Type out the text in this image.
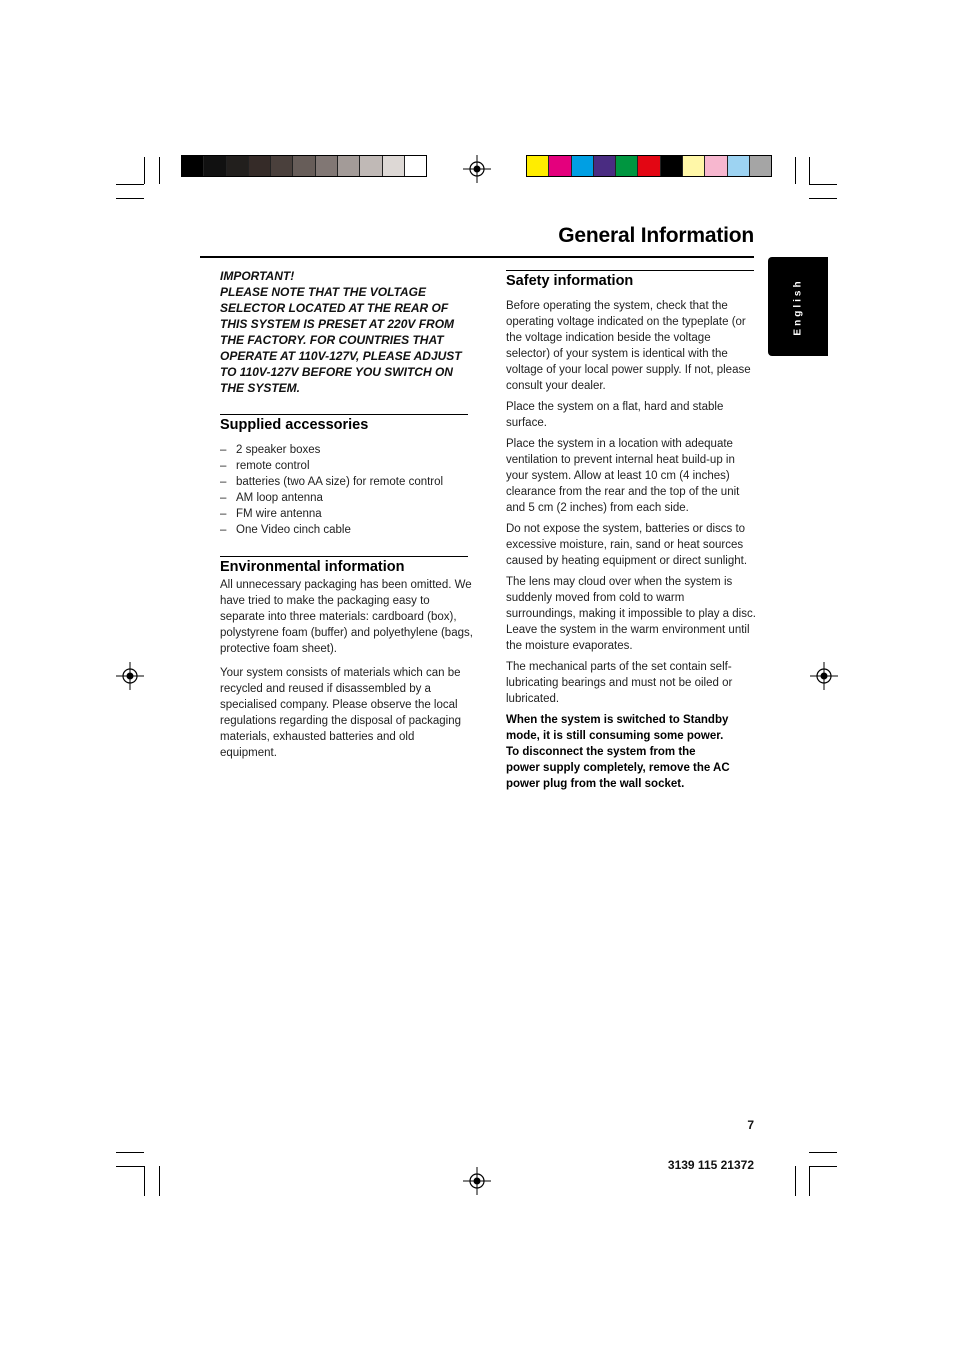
General Information
English
IMPORTANT!
PLEASE NOTE THAT THE VOLTAGE
SELECTOR LOCATED AT THE REAR OF
THIS SYSTEM IS PRESET AT 220V FROM
THE FACTORY. FOR COUNTRIES THAT
OPERATE AT 110V-127V, PLEASE ADJUST
TO 110V-127V BEFORE YOU SWITCH ON
THE SYSTEM.
Supplied accessories
– 2 speaker boxes
– remote control
– batteries (two AA size) for remote control
– AM loop antenna
– FM wire antenna
– One Video cinch cable
Environmental information
All unnecessary packaging has been omitted. We
have tried to make the packaging easy to
separate into three materials: cardboard (box),
polystyrene foam (buffer) and polyethylene (bags,
protective foam sheet).
Your system consists of materials which can be
recycled and reused if disassembled by a
specialised company. Please observe the local
regulations regarding the disposal of packaging
materials, exhausted batteries and old
equipment.
Safety information
Before operating the system, check that the
operating voltage indicated on the typeplate (or
the voltage indication beside the voltage
selector) of your system is identical with the
voltage of your local power supply. If not, please
consult your dealer.
Place the system on a flat, hard and stable
surface.
Place the system in a location with adequate
ventilation to prevent internal heat build-up in
your system. Allow at least 10 cm (4 inches)
clearance from the rear and the top of the unit
and 5 cm (2 inches) from each side.
Do not expose the system, batteries or discs to
excessive moisture, rain, sand or heat sources
caused by heating equipment or direct sunlight.
The lens may cloud over when the system is
suddenly moved from cold to warm
surroundings, making it impossible to play a disc.
Leave the system in the warm environment until
the moisture evaporates.
The mechanical parts of the set contain self-
lubricating bearings and must not be oiled or
lubricated.
When the system is switched to Standby
mode, it is still consuming some power.
To disconnect the system from the
power supply completely, remove the AC
power plug from the wall socket.
7
3139 115 21372
